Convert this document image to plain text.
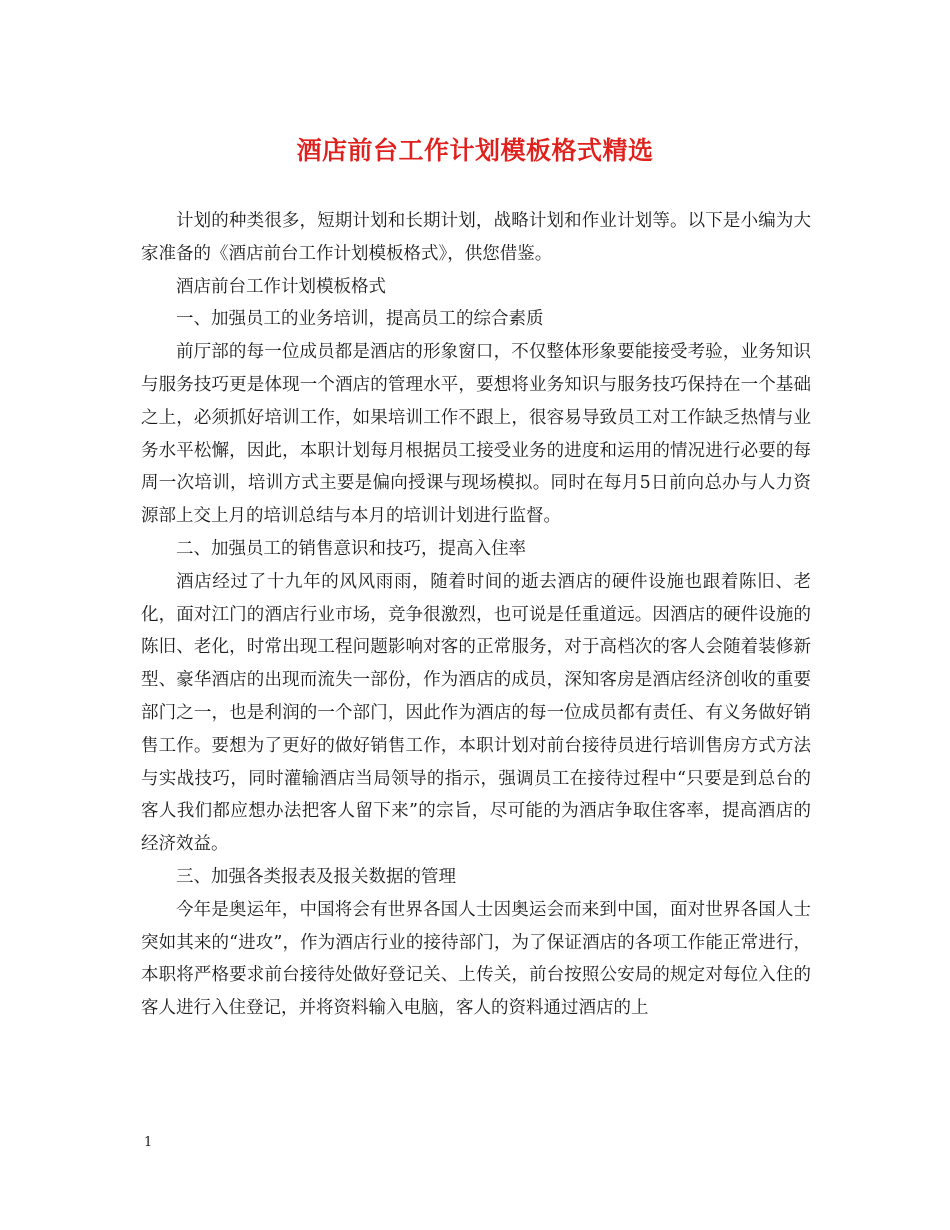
酒店前台工作计划模板格式精选

计划的种类很多，短期计划和长期计划，战略计划和作业计划等。以下是小编为大家准备的《酒店前台工作计划模板格式》，供您借鉴。

酒店前台工作计划模板格式

一、加强员工的业务培训，提高员工的综合素质

前厅部的每一位成员都是酒店的形象窗口，不仅整体形象要能接受考验，业务知识与服务技巧更是体现一个酒店的管理水平，要想将业务知识与服务技巧保持在一个基础之上，必须抓好培训工作，如果培训工作不跟上，很容易导致员工对工作缺乏热情与业务水平松懈，因此，本职计划每月根据员工接受业务的进度和运用的情况进行必要的每周一次培训，培训方式主要是偏向授课与现场模拟。同时在每月5日前向总办与人力资源部上交上月的培训总结与本月的培训计划进行监督。

二、加强员工的销售意识和技巧，提高入住率

酒店经过了十九年的风风雨雨，随着时间的逝去酒店的硬件设施也跟着陈旧、老化，面对江门的酒店行业市场，竞争很激烈，也可说是任重道远。因酒店的硬件设施的陈旧、老化，时常出现工程问题影响对客的正常服务，对于高档次的客人会随着装修新型、豪华酒店的出现而流失一部份，作为酒店的成员，深知客房是酒店经济创收的重要部门之一，也是利润的一个部门，因此作为酒店的每一位成员都有责任、有义务做好销售工作。要想为了更好的做好销售工作，本职计划对前台接待员进行培训售房方式方法与实战技巧，同时灌输酒店当局领导的指示，强调员工在接待过程中“只要是到总台的客人我们都应想办法把客人留下来”的宗旨，尽可能的为酒店争取住客率，提高酒店的经济效益。

三、加强各类报表及报关数据的管理

今年是奥运年，中国将会有世界各国人士因奥运会而来到中国，面对世界各国人士突如其来的“进攻”，作为酒店行业的接待部门，为了保证酒店的各项工作能正常进行，本职将严格要求前台接待处做好登记关、上传关，前台按照公安局的规定对每位入住的客人进行入住登记，并将资料输入电脑，客人的资料通过酒店的上

1
